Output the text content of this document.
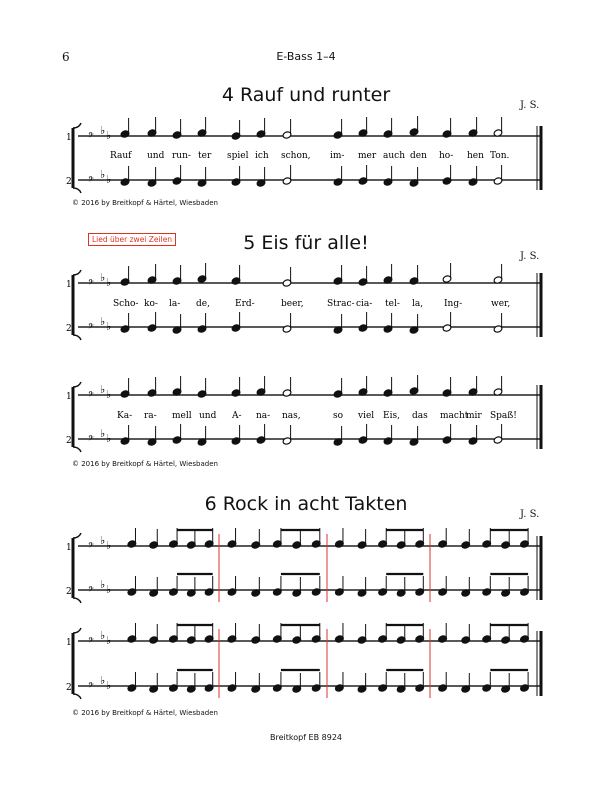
6	E-Bass 1–4
4 Rauf und runter	J. S.
© 2016 by Breitkopf & Härtel, Wiesbaden
Lied über zwei Zeilen	5 Eis für alle!
J. S.
© 2016 by Breitkopf & Härtel, Wiesbaden
6 Rock in acht Takten	J. S.
© 2016 by Breitkopf & Härtel, Wiesbaden
Breitkopf EB 8924
1
2
𝄢 ♭ ♭
𝄢 ♭ ♭
Rauf und run- ter spiel ich schon, im- mer auch den ho- hen Ton.
1
2
𝄢 ♭ ♭
𝄢 ♭ ♭
Scho- ko- la- de,	Erd-	beer,	Strac- cia- tel- la, Ing-	wer,
1
2
𝄢 ♭ ♭
𝄢 ♭ ♭
Ka- ra- mell und A- na- nas,	so viel Eis, das macht
mir Spaß!
1
2
𝄢 ♭ ♭
𝄢 ♭ ♭
1
2
𝄢 ♭ ♭
𝄢 ♭ ♭
